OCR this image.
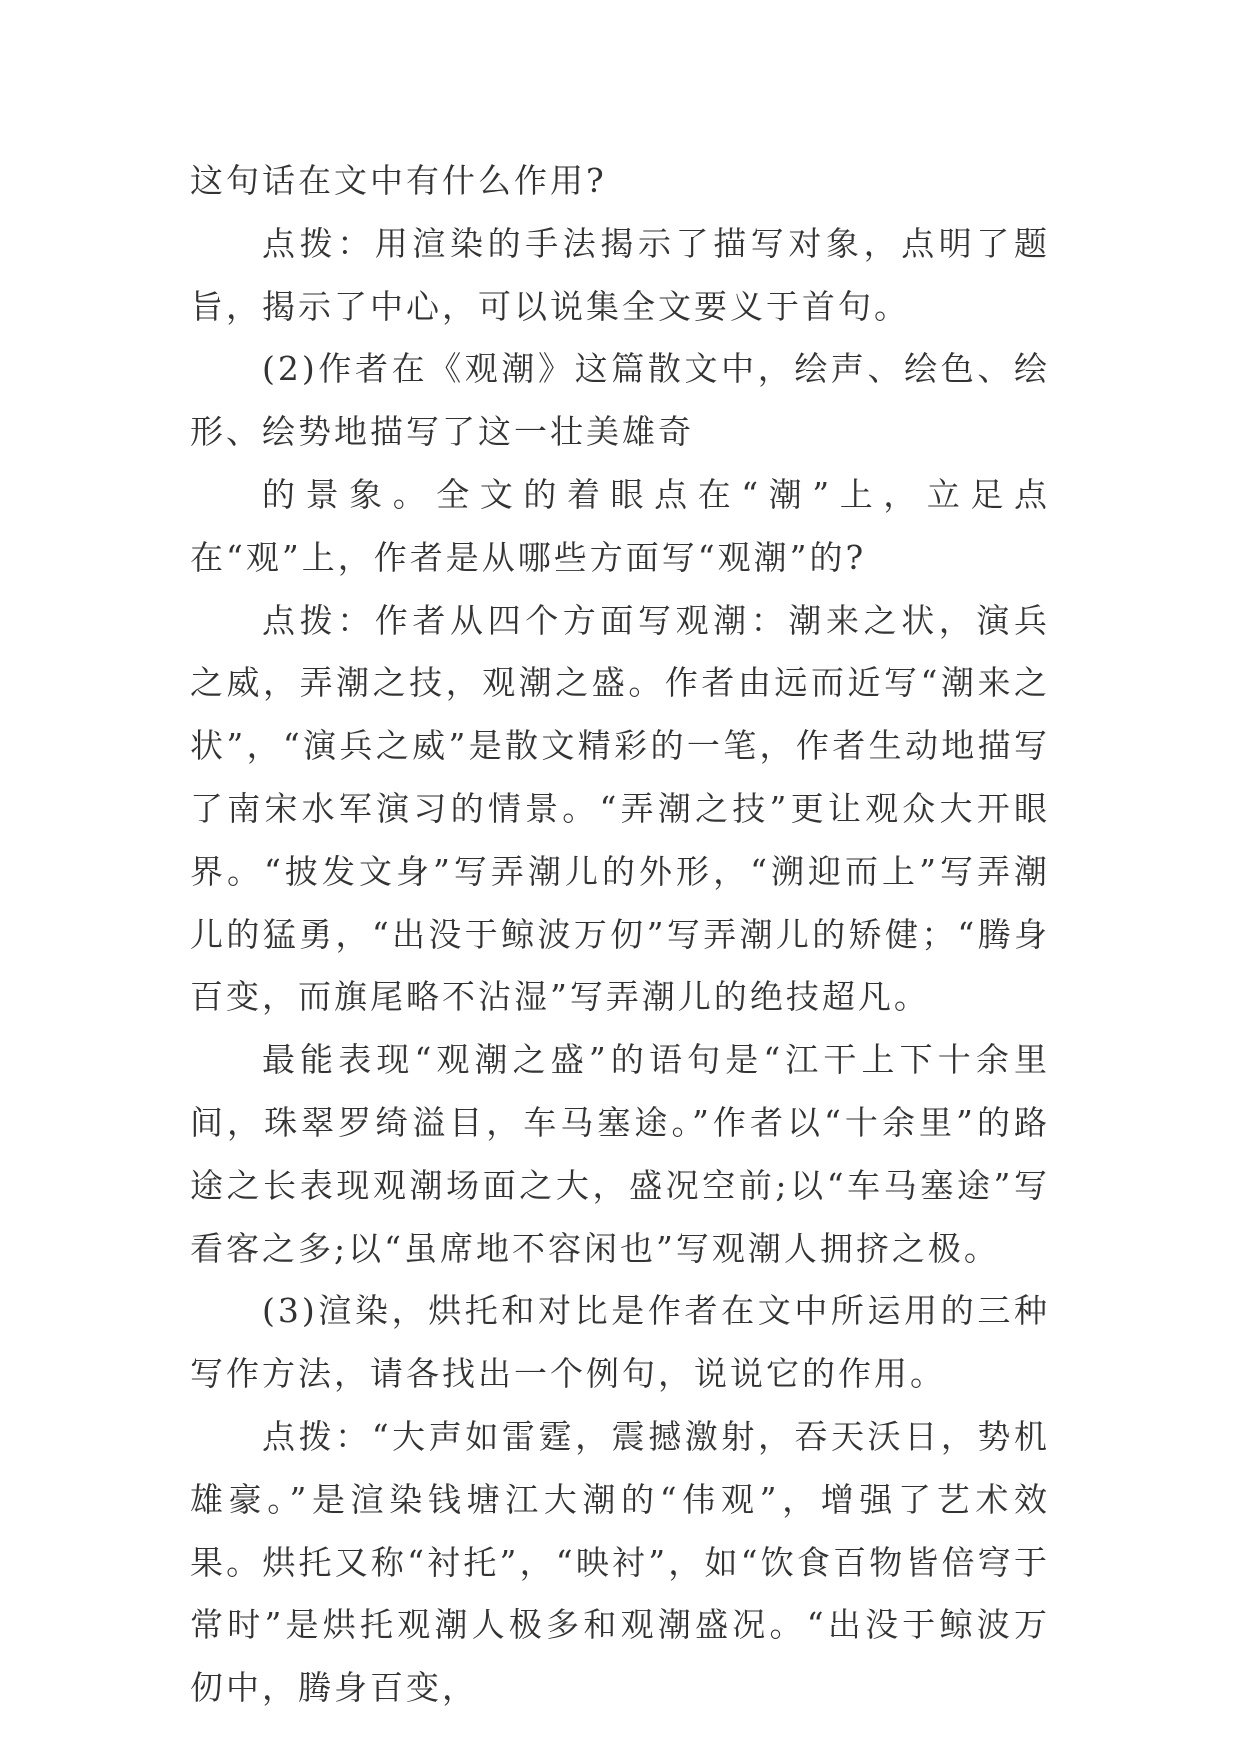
这句话在文中有什么作用?

点拨：用渲染的手法揭示了描写对象，点明了题旨，揭示了中心，可以说集全文要义于首句。

(2)作者在《观潮》这篇散文中，绘声、绘色、绘形、绘势地描写了这一壮美雄奇

的景象。全文的着眼点在“潮”上，立足点在“观”上，作者是从哪些方面写“观潮”的?

点拨：作者从四个方面写观潮：潮来之状，演兵之威，弄潮之技，观潮之盛。作者由远而近写“潮来之状”，“演兵之威”是散文精彩的一笔，作者生动地描写了南宋水军演习的情景。“弄潮之技”更让观众大开眼界。“披发文身”写弄潮儿的外形，“溯迎而上”写弄潮儿的猛勇，“出没于鲸波万仞”写弄潮儿的矫健；“腾身百变，而旗尾略不沾湿”写弄潮儿的绝技超凡。

最能表现“观潮之盛”的语句是“江干上下十余里间，珠翠罗绮溢目，车马塞途。”作者以“十余里”的路途之长表现观潮场面之大，盛况空前;以“车马塞途”写看客之多;以“虽席地不容闲也”写观潮人拥挤之极。

(3)渲染，烘托和对比是作者在文中所运用的三种写作方法，请各找出一个例句，说说它的作用。

点拨：“大声如雷霆，震撼激射，吞天沃日，势机雄豪。”是渲染钱塘江大潮的“伟观”，增强了艺术效果。烘托又称“衬托”，“映衬”，如“饮食百物皆倍穹于常时”是烘托观潮人极多和观潮盛况。“出没于鲸波万仞中，腾身百变，
